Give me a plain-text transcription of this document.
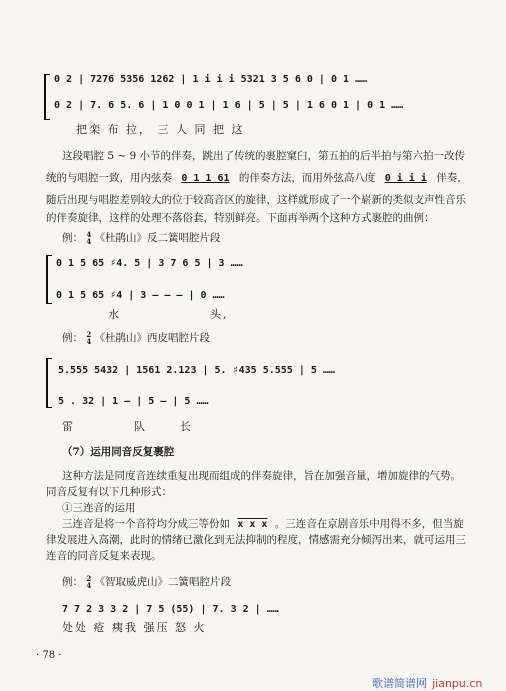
0 2 | 7276 5356 1262 | 1 i i i 5321 3 5 6 0 | 0 1 ……
0 2 | 7. 6 5. 6 | 1 0 0 1 | 1 6 | 5 | 5 | 1 6 0 1 | 0 1 ……
把栾 布 拉， 三 人 同 把 这
这段唱腔 5 ~ 9 小节的伴奏，跳出了传统的裹腔窠臼，第五拍的后半拍与第六拍一改传
统的与唱腔一致，用内弦奏 0 1 1 61 的伴奏方法，而用外弦高八度 0 i i i 伴奏，
随后出现与唱腔差别较大的位于较高音区的旋律，这样就形成了一个崭新的类似支声性音乐
的伴奏旋律，这样的处理不落俗套，特别鲜亮。下面再举两个这种方式裹腔的曲例：
例： 4
4 《杜鹃山》反二簧唱腔片段
0 1 5 65 ♯4. 5 | 3 7 6 5 | 3 ……
0 1 5 65 ♯4 | 3 — — — | 0 ……
水	头,
例： 2
4 《杜鹃山》西皮唱腔片段
5.555 5432 | 1561 2.123 | 5. ♯435 5.555 | 5 ……
5 . 32 | 1 — | 5 — | 5 ……
雷	队	长
（7）运用同音反复裹腔
这种方法是同度音连续重复出现而组成的伴奏旋律，旨在加强音量，增加旋律的气势。
同音反复有以下几种形式：
①三连音的运用
三连音是将一个音符均分成三等份如 x x x 。三连音在京剧音乐中用得不多，但当旋
律发展进入高潮，此时的情绪已激化到无法抑制的程度，情感需充分倾泻出来，就可运用三
连音的同音反复来表现。
例： 2
4 《智取威虎山》二簧唱腔片段
7 7 2 3 3 2 | 7 5 (55) | 7. 3 2 | ……
处处 疮 痍我 强压 怒 火
· 78 ·
歌谱简谱网 jianpu.cn
